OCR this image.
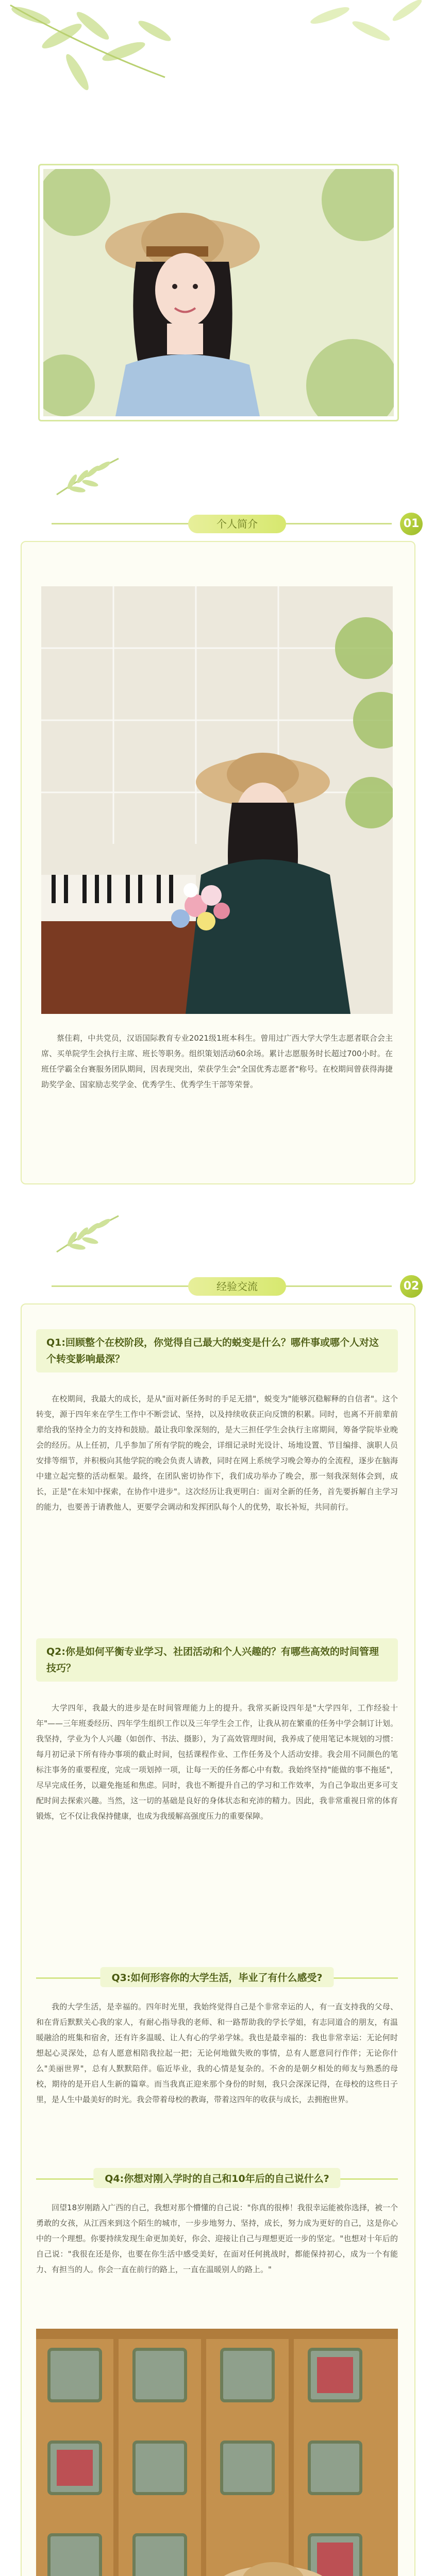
个人简介	01

蔡佳莉，中共党员，汉语国际教育专业2021级1班本科生。曾用过广西大学大学生志愿者联合会主席、买单院学生会执行主席、班长等职务。组织策划活动60余场。累计志愿服务时长超过700小时。在班任学霸全台赛服务团队期间，因表现突出，荣获学生会"全国优秀志愿者"称号。在校期间曾获得海捷助奖学金、国家励志奖学金、优秀学生、优秀学生干部等荣誉。

经验交流	02
Q1:回顾整个在校阶段，你觉得自己最大的蜕变是什么？哪件事或哪个人对这个转变影响最深？

在校期间，我最大的成长，是从"面对新任务时的手足无措"，蜕变为"能够沉稳解释的自信者"。这个转变，源于四年来在学生工作中不断尝试、坚持，以及持续收获正向反馈的积累。同时，也离不开前辈前辈给我的坚持全力的支持和鼓励。最让我印象深刻的，是大三担任学生会执行主席期间，筹备学院毕业晚会的经历。从上任初，几乎参加了所有学院的晚会，详细记录时光设计、场地设置、节目编排、演职人员安排等细节，并积极向其他学院的晚会负责人请教，同时在网上系统学习晚会筹办的全流程，逐步在脑海中建立起完整的活动框架。最终，在团队密切协作下，我们成功举办了晚会，那一刻我深刻体会到，成长，正是"在未知中探索，在协作中进步"。这次经历让我更明白：面对全新的任务，首先要拆解自主学习的能力，也要善于请教他人，更要学会调动和发挥团队每个人的优势，取长补短，共同前行。

Q2:你是如何平衡专业学习、社团活动和个人兴趣的？有哪些高效的时间管理技巧？

大学四年，我最大的进步是在时间管理能力上的提升。我常买新设四年是"大学四年，工作经验十年"——三年班委经历、四年学生组织工作以及三年学生会工作，让我从初在繁重的任务中学会制订计划。我坚持，学业为个人兴趣（如创作、书法、摄影），为了高效管理时间，我养成了使用笔记本规划的习惯：每月初记录下所有待办事项的截止时间，包括课程作业、工作任务及个人活动安排。我会用不同颜色的笔标注事务的重要程度，完成一项划掉一项，让每一天的任务都心中有数。我始终坚持"能做的事不拖延"，尽早完成任务，以避免拖延和焦虑。同时，我也不断提升自己的学习和工作效率，为自己争取出更多可支配时间去探索兴趣。当然，这一切的基础是良好的身体状态和充沛的精力。因此，我非常重视日常的体育锻炼，它不仅让我保持健康，也成为我缓解高强度压力的重要保障。

Q3:如何形容你的大学生活，毕业了有什么感受?

我的大学生活，是幸福的。四年时光里，我始终觉得自己是个非常幸运的人，有一直支持我的父母、和在背后默默关心我的家人，有耐心指导我的老师、和一路帮助我的学长学姐，有志同道合的朋友，有温暖融洽的班集和宿舍，还有许多温暖、让人有心的学弟学妹。我也是最幸福的：我也非常幸运：无论何时想起心灵深处，总有人愿意相陪我拉起一把；无论何地做失败的事情，总有人愿意同行作伴；无论你什么"美丽世界"，总有人默默陪伴。临近毕业，我的心情是复杂的。不舍的是朝夕相处的师友与熟悉的母校，期待的是开启人生新的篇章。而当我真正迎来那个身份的时刻，我只会深深记得，在母校的这些日子里，是人生中最美好的时光。我会带着母校的教诲，带着这四年的收获与成长，去拥抱世界。

Q4:你想对刚入学时的自己和10年后的自己说什么?

回望18岁刚踏入广西的自己，我想对那个懵懂的自己说："你真的很棒！我很幸运能被你选择，被一个勇敢的女孩，从江西来到这个陌生的城市，一步步地努力、坚持，成长，努力成为更好的自己，这是你心中的一个理想。你要持续发现生命更加美好，你会、迎接让自己与理想更近一步的坚定。"也想对十年后的自己说："我很在还是你，也要在你生活中感受美好，在面对任何挑战时，都能保持初心，成为一个有能力、有担当的人。你会一直在前行的路上，一直在温暖别人的路上。"
